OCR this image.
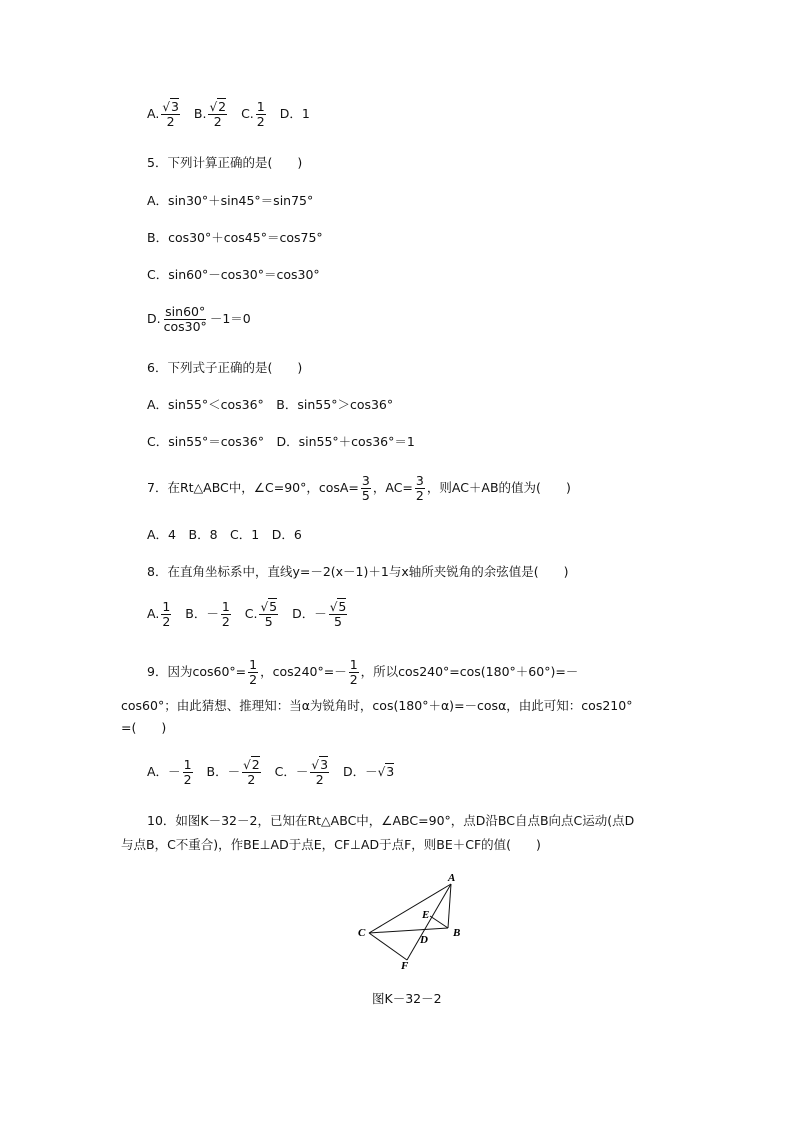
A. $\frac{√3}{2} B$. $\frac{√2}{2} C$. $\frac{1}{2}$ D．1
5．下列计算正确的是(　　)
A．sin30°＋sin45°＝sin75°
B．cos30°＋cos45°＝cos75°
C．sin60°－cos30°＝cos30°
D. $\frac{\sin 60^\circ}{\cos 30^\circ} -1=0$
6．下列式子正确的是(　　)
A．sin55°＜cos36°　B．sin55°＞cos36°
C．sin55°＝cos36°　D．sin55°＋cos36°＝1
7．在Rt△ABC中，∠C=90°，$\cos A= \frac{3}{5}$ ，$AC= \frac{3}{2}$ ，则AC＋AB的值为(　　)
A．4　B．8　C．1　D．6
8．在直角坐标系中，直线y=－2(x－1)＋1与x轴所夹锐角的余弦值是(　　)
A. $\frac{1}{2}$ B．－ $\frac{1}{2} C$. $\frac{√5}{5}$ D．－ $\frac{√5}{5}$
9．因为$\cos 60^\circ= \frac{1}{2}$ ，$\cos 240^\circ=- \frac{1}{2}$ ，所以cos240°=cos(180°＋60°)=－
cos60°；由此猜想、推理知：当α为锐角时，cos(180°＋α)=－cosα，由此可知：cos210°
=(　　)
A．－ $\frac{1}{2}$ B．－ $\frac{√2}{2}$ C．－ $\frac{√3}{2}$ D．－√3
10．如图K－32－2，已知在Rt△ABC中，∠ABC=90°，点D沿BC自点B向点C运动(点D
与点B，C不重合)，作BE⊥AD于点E，CF⊥AD于点F，则BE＋CF的值(　　)
A
B
C
D
E
F
图K－32－2
